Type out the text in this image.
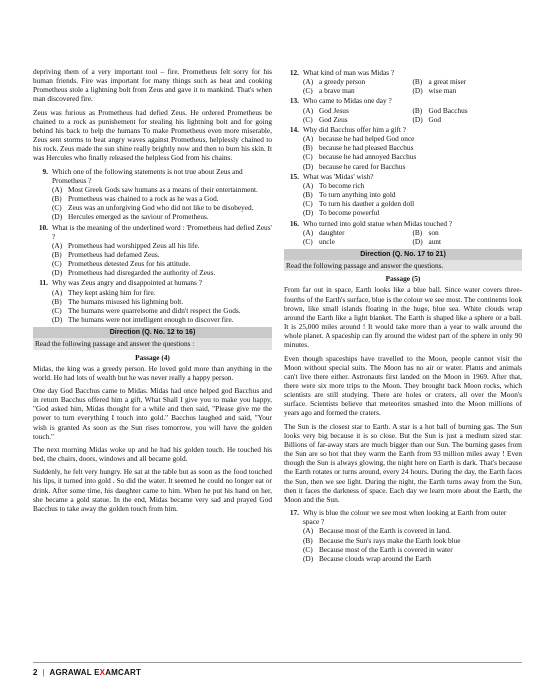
depriving them of a very important tool – fire. Prometheus felt sorry for his human friends. Fire was important for many things such as heat and cooking Prometheus stole a lightning bolt from Zeus and gave it to mankind. That's when man discovered fire.

Zeus was furious as Prometheus had defied Zeus. He ordered Prometheus be chained to a rock as punishement for stealing his lightning bolt and for going behind his back to help the humans To make Prometheus even more miserable, Zeus sent storms to beat angry waves against Prometheus, helplessly chained to his rock. Zeus made the sun shine really brightly now and then to burn his skin. It was Hercules who finally released the helpless God from his chains.

9. Which one of the following statements is not true about Zeus and Prometheus ?
(A) Most Greek Gods saw humans as a means of their entertainment.
(B) Prometheus was chained to a rock as he was a God.
(C) Zeus was an unforgiving God who did not like to be disobeyed.
(D) Hercules emerged as the saviour of Prometheus.
10. What is the meaning of the underlined word : 'Prometheus had defied Zeus' ?
(A) Prometheus had worshipped Zeus all his life.
(B) Prometheus had defamed Zeus.
(C) Prometheus detested Zeus for his attitude.
(D) Prometheus had disregarded the authority of Zeus.
11. Why was Zeus angry and disappointed at humans ?
(A) They kept asking him for fire.
(B) The humans misused his lightning bolt.
(C) The humans were quarrelsome and didn't respect the Gods.
(D) The humans were not intelligent enough to discover fire.
Direction (Q. No. 12 to 16)
Read the following passage and answer the questions :
Passage (4)

Midas, the king was a greedy person. He loved gold more than anything in the world. He had lots of wealth but he was never really a happy person.

One day God Bacchus came to Midas. Midas had once helped god Bacchus and in return Bacchus offered him a gift, What Shall I give you to make you happy, "God asked him, Midas thought for a while and then said, "Please give me the power to turn everything I touch into gold." Bacchus laughed and said, "Your wish is granted As soon as the Sun rises tomorrow, you will have the golden touch."

The next morning Midas woke up and he had his golden touch. He touched his bed, the chairs, doors, windows and all became gold.

Suddenly, he felt very hungry. He sat at the table but as soon as the food touched his lips, it turned into gold . So did the water. It seemed he could no longer eat or drink. After some time, his daughter came to him. When he put his hand on her, she became a gold statue. In the end, Midas became very sad and prayed God Bacchus to take away the golden touch from him.

12. What kind of man was Midas ?
(A) a greedy person	(B) a great miser
(C) a brave man	(D) wise man
13. Who came to Midas one day ?
(A) God Jesus	(B) God Bacchus
(C) God Zeus	(D) God
14. Why did Bacchus offer him a gift ?
(A) because he had helped God once
(B) because he had pleased Bacchus
(C) because he had annoyed Bacchus
(D) because he cared for Bacchus
15. What was 'Midas' wish?
(A) To become rich
(B) To turn anything into gold
(C) To turn his dauther a golden doll
(D) To become powerful
16. Who turned into gold statue when Midas touched ?
(A) daughter	(B) son
(C) uncle	(D) aunt
Direction (Q. No. 17 to 21)
Read the following passage and answer the questions.
Passage (5)

From far out in space, Earth looks like a blue ball. Since water covers three-fourths of the Earth's surface, blue is the colour we see most. The continents look brown, like small islands floating in the huge, blue sea. White clouds wrap around the Earth like a light blanket. The Earth is shaped like a sphere or a ball. It is 25,000 miles around ! It would take more than a year to walk around the whole planet. A spaceship can fly around the widest part of the sphere in only 90 minutes.

Even though spaceships have travelled to the Moon, people cannot visit the Moon without special suits. The Moon has no air or water. Plants and animals can't live there either. Astronauts first landed on the Moon in 1969. After that, there were six more trips to the Moon. They brought back Moon rocks, which scientists are still studying. There are holes or craters, all over the Moon's surface. Scientists believe that meteorites smashed into the Moon millions of years ago and formed the craters.

The Sun is the closest star to Earth. A star is a hot ball of burning gas. The Sun looks very big because it is so close. But the Sun is just a medium sized star. Billions of far-away stars are much bigger than our Sun. The burning gases from the Sun are so hot that they warm the Earth from 93 million miles away ! Even though the Sun is always glowing, the night here on Earth is dark. That's because the Earth rotates or turns around, every 24 hours. During the day, the Earth faces the Sun, then we see light. During the night, the Earth turns away from the Sun, then it faces the darkness of space. Each day we learn more about the Earth, the Moon and the Sun.

17. Why is blue the colour we see most when looking at Earth from outer space ?
(A) Because most of the Earth is covered in land.
(B) Because the Sun's rays make the Earth look blue
(C) Because most of the Earth is covered in water
(D) Because clouds wrap around the Earth
2 | AGRAWAL EXAMCART
